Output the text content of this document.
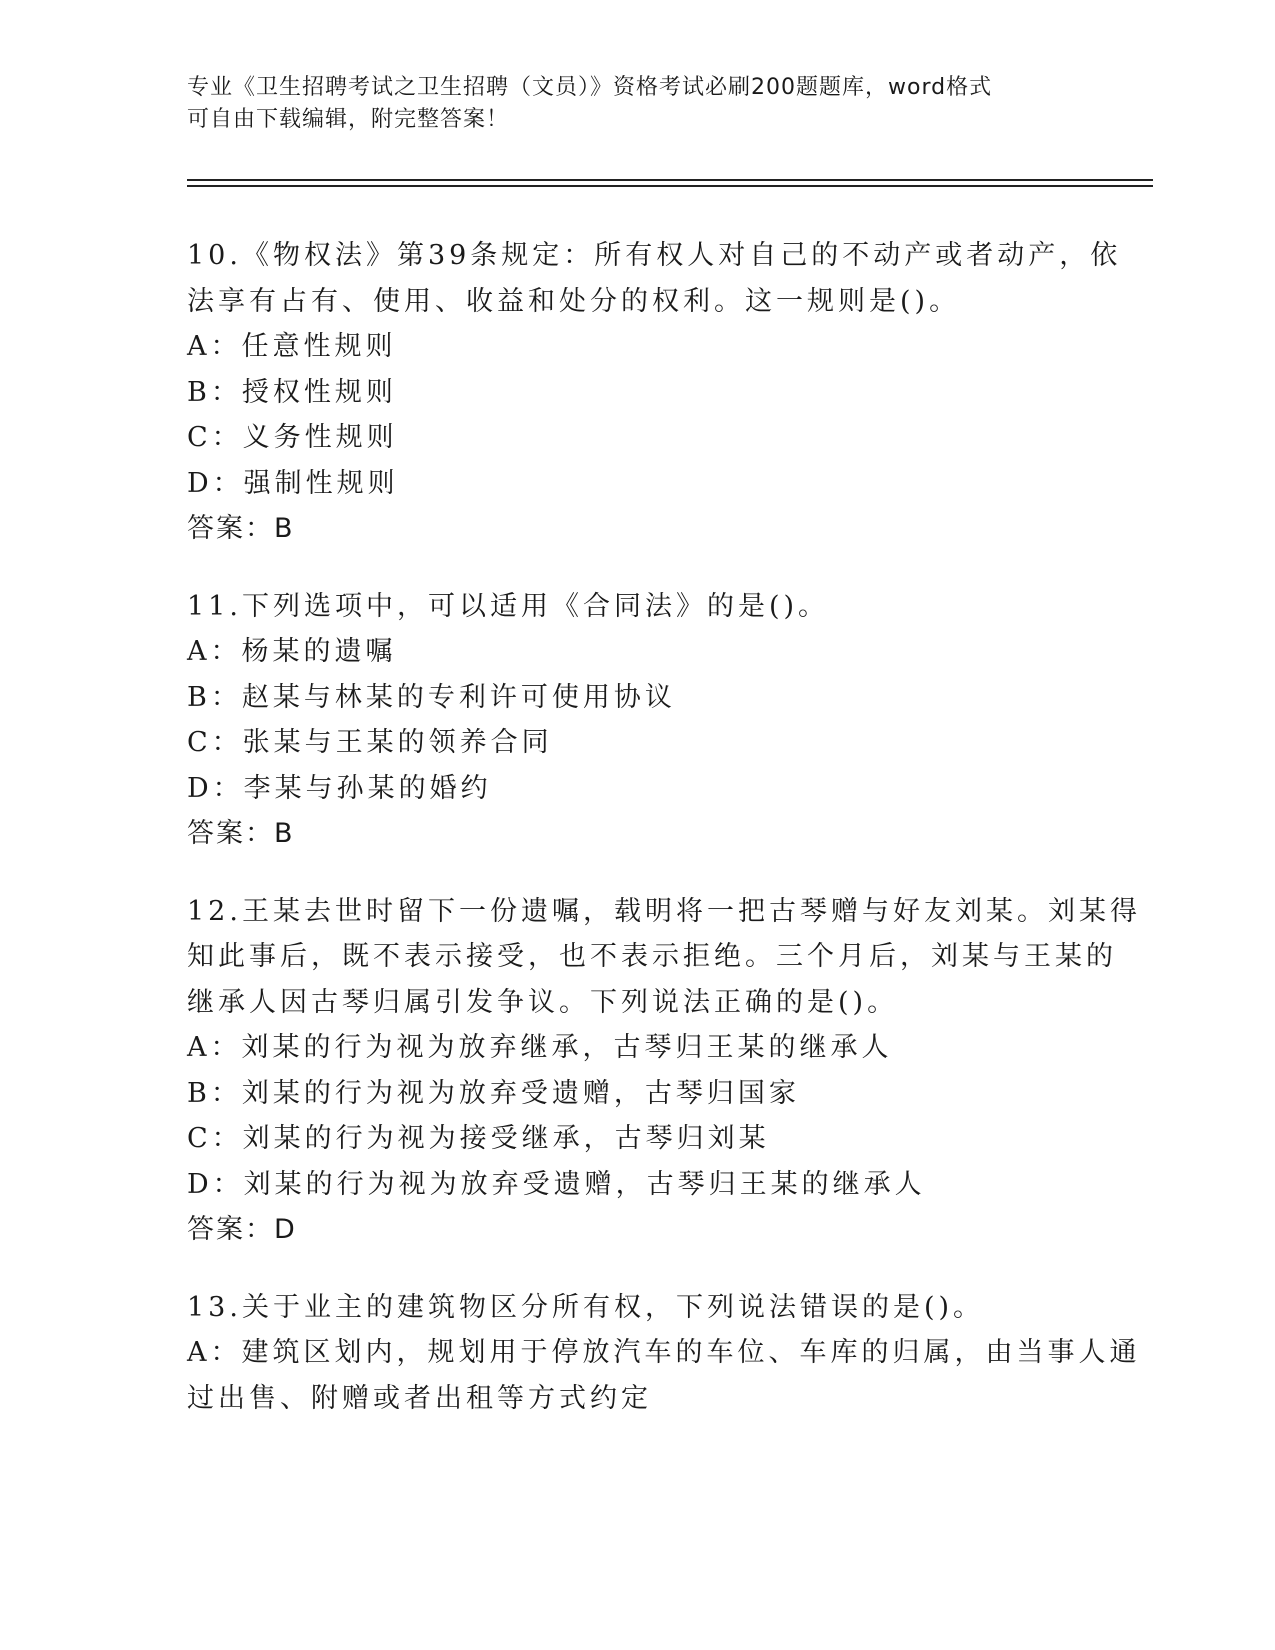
专业《卫生招聘考试之卫生招聘（文员）》资格考试必刷200题题库，word格式
可自由下载编辑，附完整答案！
10.《物权法》第39条规定：所有权人对自己的不动产或者动产，依
法享有占有、使用、收益和处分的权利。这一规则是()。
A：任意性规则
B：授权性规则
C：义务性规则
D：强制性规则
答案：B
11.下列选项中，可以适用《合同法》的是()。
A：杨某的遗嘱
B：赵某与林某的专利许可使用协议
C：张某与王某的领养合同
D：李某与孙某的婚约
答案：B
12.王某去世时留下一份遗嘱，载明将一把古琴赠与好友刘某。刘某得
知此事后，既不表示接受，也不表示拒绝。三个月后，刘某与王某的
继承人因古琴归属引发争议。下列说法正确的是()。
A：刘某的行为视为放弃继承，古琴归王某的继承人
B：刘某的行为视为放弃受遗赠，古琴归国家
C：刘某的行为视为接受继承，古琴归刘某
D：刘某的行为视为放弃受遗赠，古琴归王某的继承人
答案：D
13.关于业主的建筑物区分所有权，下列说法错误的是()。
A：建筑区划内，规划用于停放汽车的车位、车库的归属，由当事人通
过出售、附赠或者出租等方式约定
